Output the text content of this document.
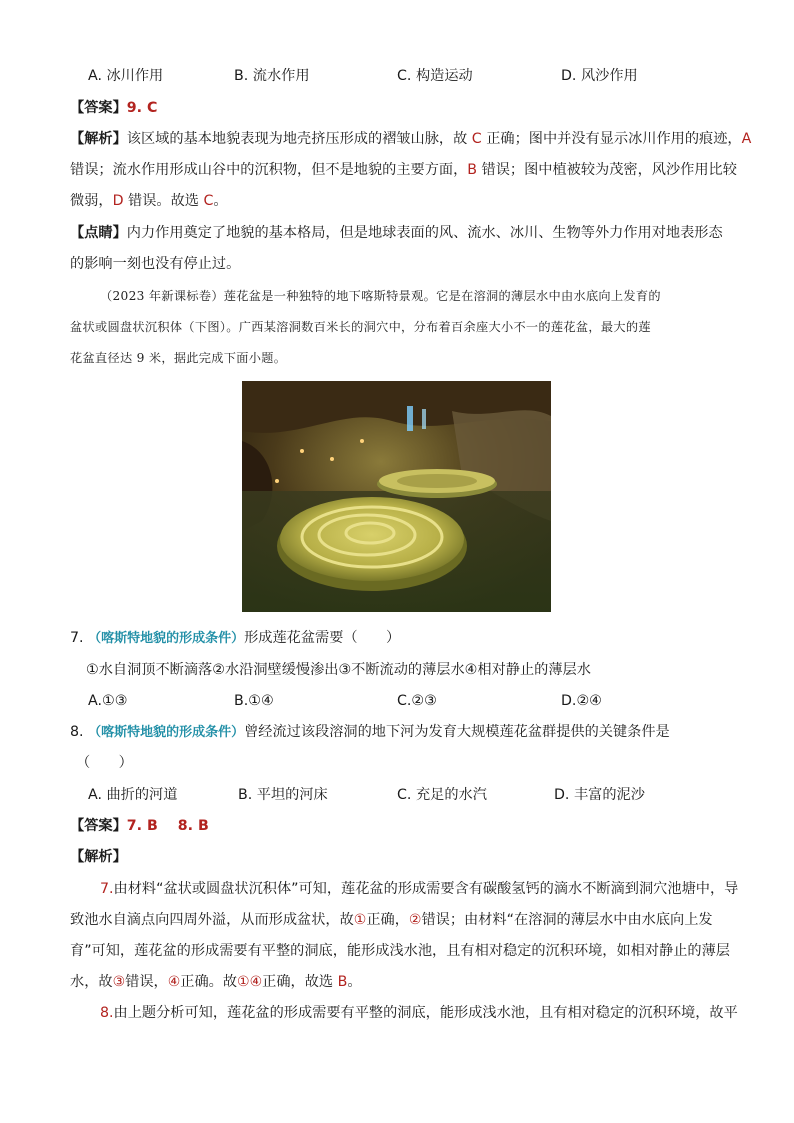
A. 冰川作用	B. 流水作用	C. 构造运动	D. 风沙作用
【答案】9. C
【解析】该区域的基本地貌表现为地壳挤压形成的褶皱山脉，故 C 正确；图中并没有显示冰川作用的痕迹，A
错误；流水作用形成山谷中的沉积物，但不是地貌的主要方面，B 错误；图中植被较为茂密，风沙作用比较
微弱，D 错误。故选 C。
【点睛】内力作用奠定了地貌的基本格局，但是地球表面的风、流水、冰川、生物等外力作用对地表形态
的影响一刻也没有停止过。
（2023 年新课标卷）莲花盆是一种独特的地下喀斯特景观。它是在溶洞的薄层水中由水底向上发育的
盆状或圆盘状沉积体（下图）。广西某溶洞数百米长的洞穴中，分布着百余座大小不一的莲花盆，最大的莲
花盆直径达 9 米，据此完成下面小题。
7. （喀斯特地貌的形成条件）形成莲花盆需要（　　）
①水自洞顶不断滴落②水沿洞壁缓慢渗出③不断流动的薄层水④相对静止的薄层水
A.①③	B.①④	C.②③	D.②④
8. （喀斯特地貌的形成条件）曾经流过该段溶洞的地下河为发育大规模莲花盆群提供的关键条件是
（　　）
A. 曲折的河道	B. 平坦的河床	C. 充足的水汽	D. 丰富的泥沙
【答案】7. B 8. B
【解析】
7.由材料“盆状或圆盘状沉积体”可知，莲花盆的形成需要含有碳酸氢钙的滴水不断滴到洞穴池塘中，导
致池水自滴点向四周外溢，从而形成盆状，故①正确，②错误；由材料“在溶洞的薄层水中由水底向上发
育”可知，莲花盆的形成需要有平整的洞底，能形成浅水池，且有相对稳定的沉积环境，如相对静止的薄层
水，故③错误，④正确。故①④正确，故选 B。
8.由上题分析可知，莲花盆的形成需要有平整的洞底，能形成浅水池，且有相对稳定的沉积环境，故平
